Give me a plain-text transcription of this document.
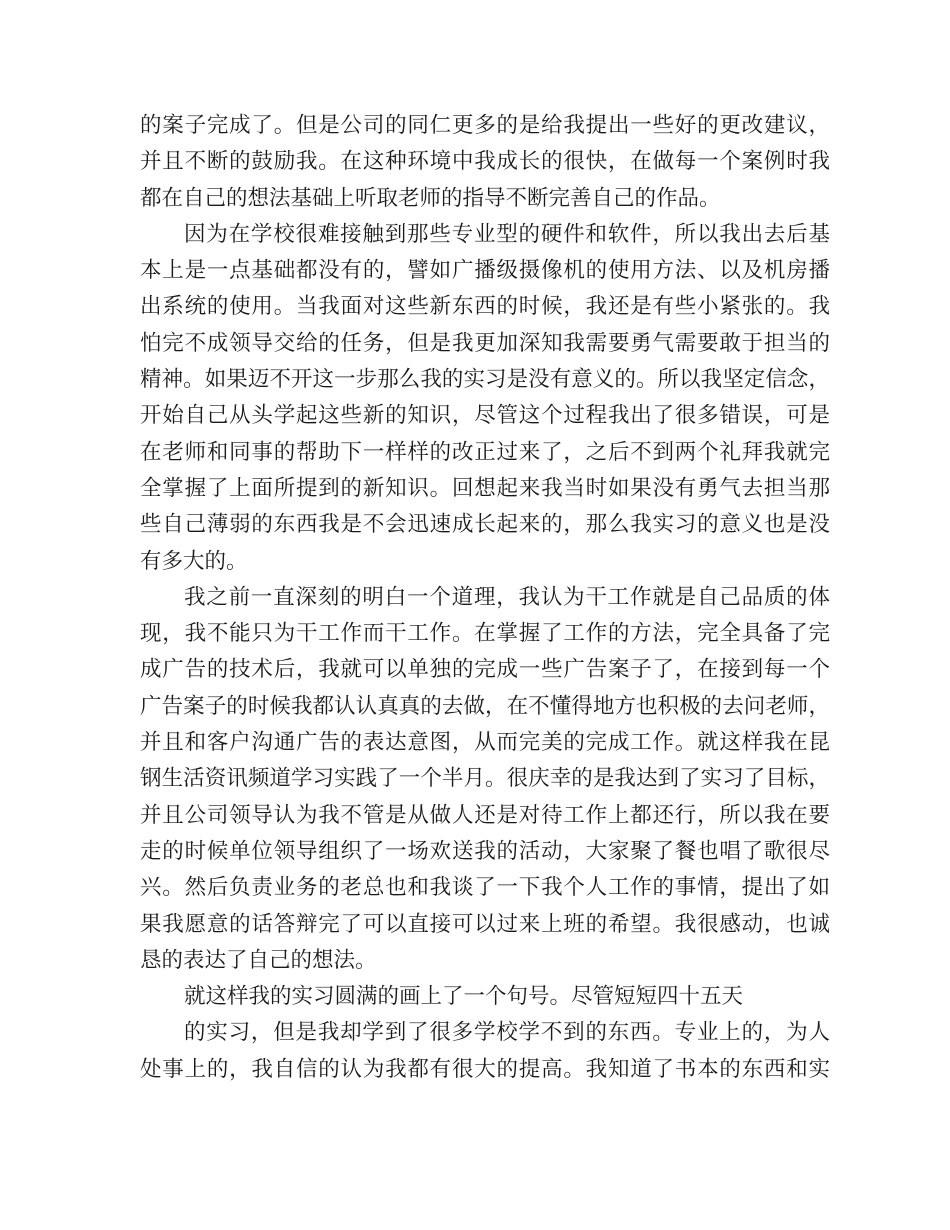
的案子完成了。但是公司的同仁更多的是给我提出一些好的更改建议，
并且不断的鼓励我。在这种环境中我成长的很快，在做每一个案例时我
都在自己的想法基础上听取老师的指导不断完善自己的作品。
因为在学校很难接触到那些专业型的硬件和软件，所以我出去后基
本上是一点基础都没有的，譬如广播级摄像机的使用方法、以及机房播
出系统的使用。当我面对这些新东西的时候，我还是有些小紧张的。我
怕完不成领导交给的任务，但是我更加深知我需要勇气需要敢于担当的
精神。如果迈不开这一步那么我的实习是没有意义的。所以我坚定信念，
开始自己从头学起这些新的知识，尽管这个过程我出了很多错误，可是
在老师和同事的帮助下一样样的改正过来了，之后不到两个礼拜我就完
全掌握了上面所提到的新知识。回想起来我当时如果没有勇气去担当那
些自己薄弱的东西我是不会迅速成长起来的，那么我实习的意义也是没
有多大的。
我之前一直深刻的明白一个道理，我认为干工作就是自己品质的体
现，我不能只为干工作而干工作。在掌握了工作的方法，完全具备了完
成广告的技术后，我就可以单独的完成一些广告案子了，在接到每一个
广告案子的时候我都认认真真的去做，在不懂得地方也积极的去问老师，
并且和客户沟通广告的表达意图，从而完美的完成工作。就这样我在昆
钢生活资讯频道学习实践了一个半月。很庆幸的是我达到了实习了目标，
并且公司领导认为我不管是从做人还是对待工作上都还行，所以我在要
走的时候单位领导组织了一场欢送我的活动，大家聚了餐也唱了歌很尽
兴。然后负责业务的老总也和我谈了一下我个人工作的事情，提出了如
果我愿意的话答辩完了可以直接可以过来上班的希望。我很感动，也诚
恳的表达了自己的想法。
就这样我的实习圆满的画上了一个句号。尽管短短四十五天
的实习，但是我却学到了很多学校学不到的东西。专业上的，为人
处事上的，我自信的认为我都有很大的提高。我知道了书本的东西和实
